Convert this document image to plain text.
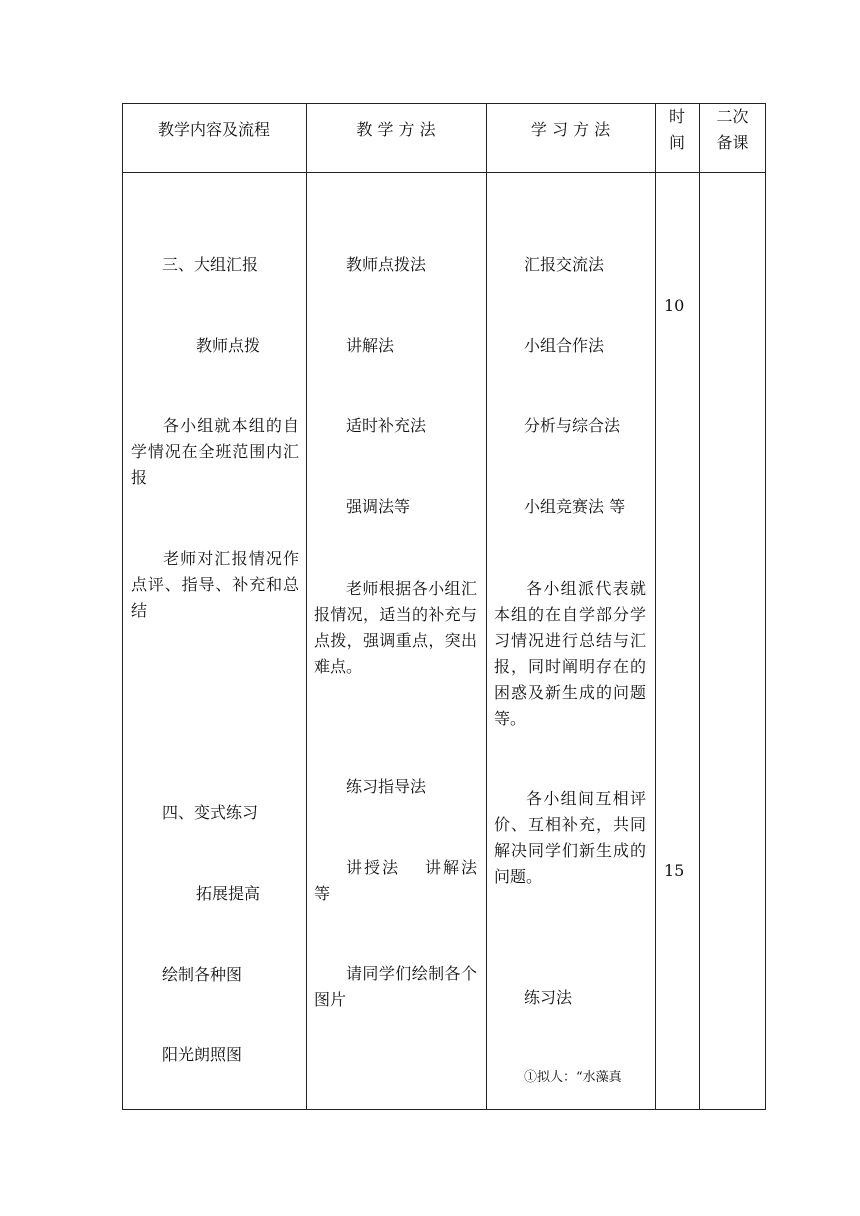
教学内容及流程	教 学 方 法	学 习 方 法
时
间
二次
备课
三、大组汇报
教师点拨
各小组就本组的自学情况在全班范围内汇报
老师对汇报情况作点评、指导、补充和总结
四、变式练习
拓展提高
绘制各种图
阳光朗照图
教师点拨法
讲解法
适时补充法
强调法等
老师根据各小组汇报情况，适当的补充与点拨，强调重点，突出难点。
练习指导法
讲授法　 讲解法等
请同学们绘制各个图片
汇报交流法
小组合作法
分析与综合法
小组竞赛法 等
各小组派代表就本组的在自学部分学习情况进行总结与汇报，同时阐明存在的困惑及新生成的问题等。
各小组间互相评价、互相补充，共同解决同学们新生成的问题。
练习法
①拟人：“水藻真
10
15
